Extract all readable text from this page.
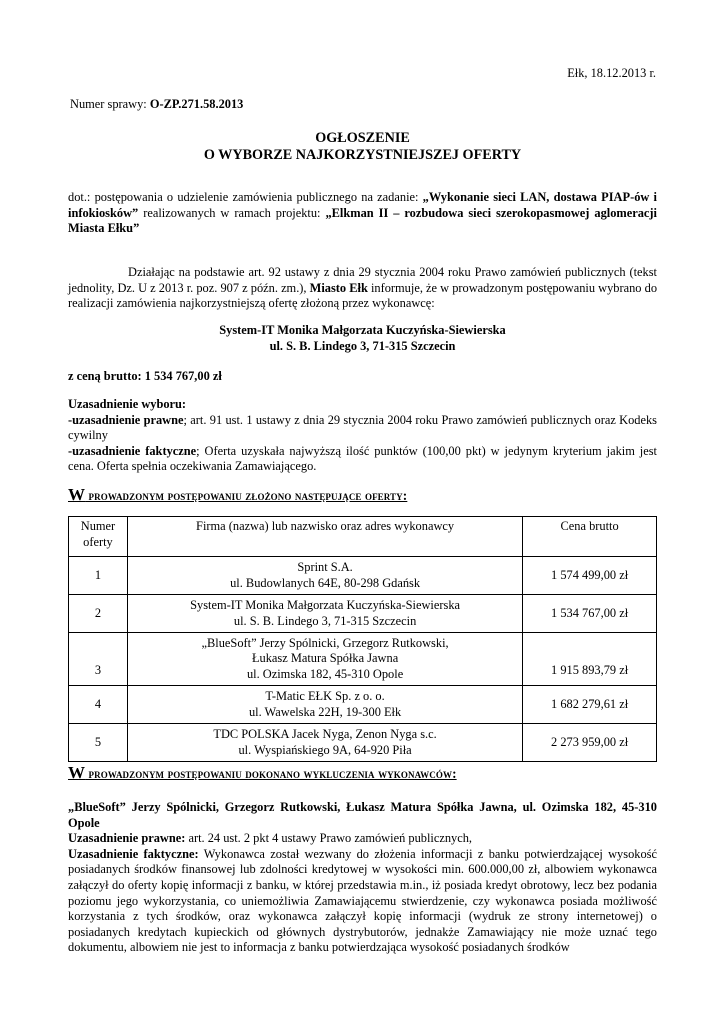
Ełk, 18.12.2013 r.
Numer sprawy: O-ZP.271.58.2013
OGŁOSZENIE
O WYBORZE NAJKORZYSTNIEJSZEJ OFERTY
dot.: postępowania o udzielenie zamówienia publicznego na zadanie: „Wykonanie sieci LAN, dostawa PIAP-ów i infokiosków” realizowanych w ramach projektu: „Elkman II – rozbudowa sieci szerokopasmowej aglomeracji Miasta Ełku”
Działając na podstawie art. 92 ustawy z dnia 29 stycznia 2004 roku Prawo zamówień publicznych (tekst jednolity, Dz. U z 2013 r. poz. 907 z późn. zm.), Miasto Ełk informuje, że w prowadzonym postępowaniu wybrano do realizacji zamówienia najkorzystniejszą ofertę złożoną przez wykonawcę:
System-IT Monika Małgorzata Kuczyńska-Siewierska
ul. S. B. Lindego 3, 71-315 Szczecin
z ceną brutto: 1 534 767,00 zł
Uzasadnienie wyboru:
-uzasadnienie prawne; art. 91 ust. 1 ustawy z dnia 29 stycznia 2004 roku Prawo zamówień publicznych oraz Kodeks cywilny
-uzasadnienie faktyczne; Oferta uzyskała najwyższą ilość punktów (100,00 pkt) w jedynym kryterium jakim jest cena. Oferta spełnia oczekiwania Zamawiającego.
W prowadzonym postępowaniu złożono następujące oferty:
Numer oferty	Firma (nazwa) lub nazwisko oraz adres wykonawcy	Cena brutto
1	Sprint S.A.
ul. Budowlanych 64E, 80-298 Gdańsk	1 574 499,00 zł
2	System-IT Monika Małgorzata Kuczyńska-Siewierska
ul. S. B. Lindego 3, 71-315 Szczecin	1 534 767,00 zł
3	„BlueSoft” Jerzy Spólnicki, Grzegorz Rutkowski,
Łukasz Matura Spółka Jawna
ul. Ozimska 182, 45-310 Opole	1 915 893,79 zł
4	T-Matic EŁK Sp. z o. o.
ul. Wawelska 22H, 19-300 Ełk	1 682 279,61 zł
5	TDC POLSKA Jacek Nyga, Zenon Nyga s.c.
ul. Wyspiańskiego 9A, 64-920 Piła	2 273 959,00 zł
W prowadzonym postępowaniu dokonano wykluczenia wykonawców:
„BlueSoft” Jerzy Spólnicki, Grzegorz Rutkowski, Łukasz Matura Spółka Jawna, ul. Ozimska 182, 45-310 Opole
Uzasadnienie prawne: art. 24 ust. 2 pkt 4 ustawy Prawo zamówień publicznych,
Uzasadnienie faktyczne: Wykonawca został wezwany do złożenia informacji z banku potwierdzającej wysokość posiadanych środków finansowej lub zdolności kredytowej w wysokości min. 600.000,00 zł, albowiem wykonawca załączył do oferty kopię informacji z banku, w której przedstawia m.in., iż posiada kredyt obrotowy, lecz bez podania poziomu jego wykorzystania, co uniemożliwia Zamawiającemu stwierdzenie, czy wykonawca posiada możliwość korzystania z tych środków, oraz wykonawca załączył kopię informacji (wydruk ze strony internetowej) o posiadanych kredytach kupieckich od głównych dystrybutorów, jednakże Zamawiający nie może uznać tego dokumentu, albowiem nie jest to informacja z banku potwierdzająca wysokość posiadanych środków
